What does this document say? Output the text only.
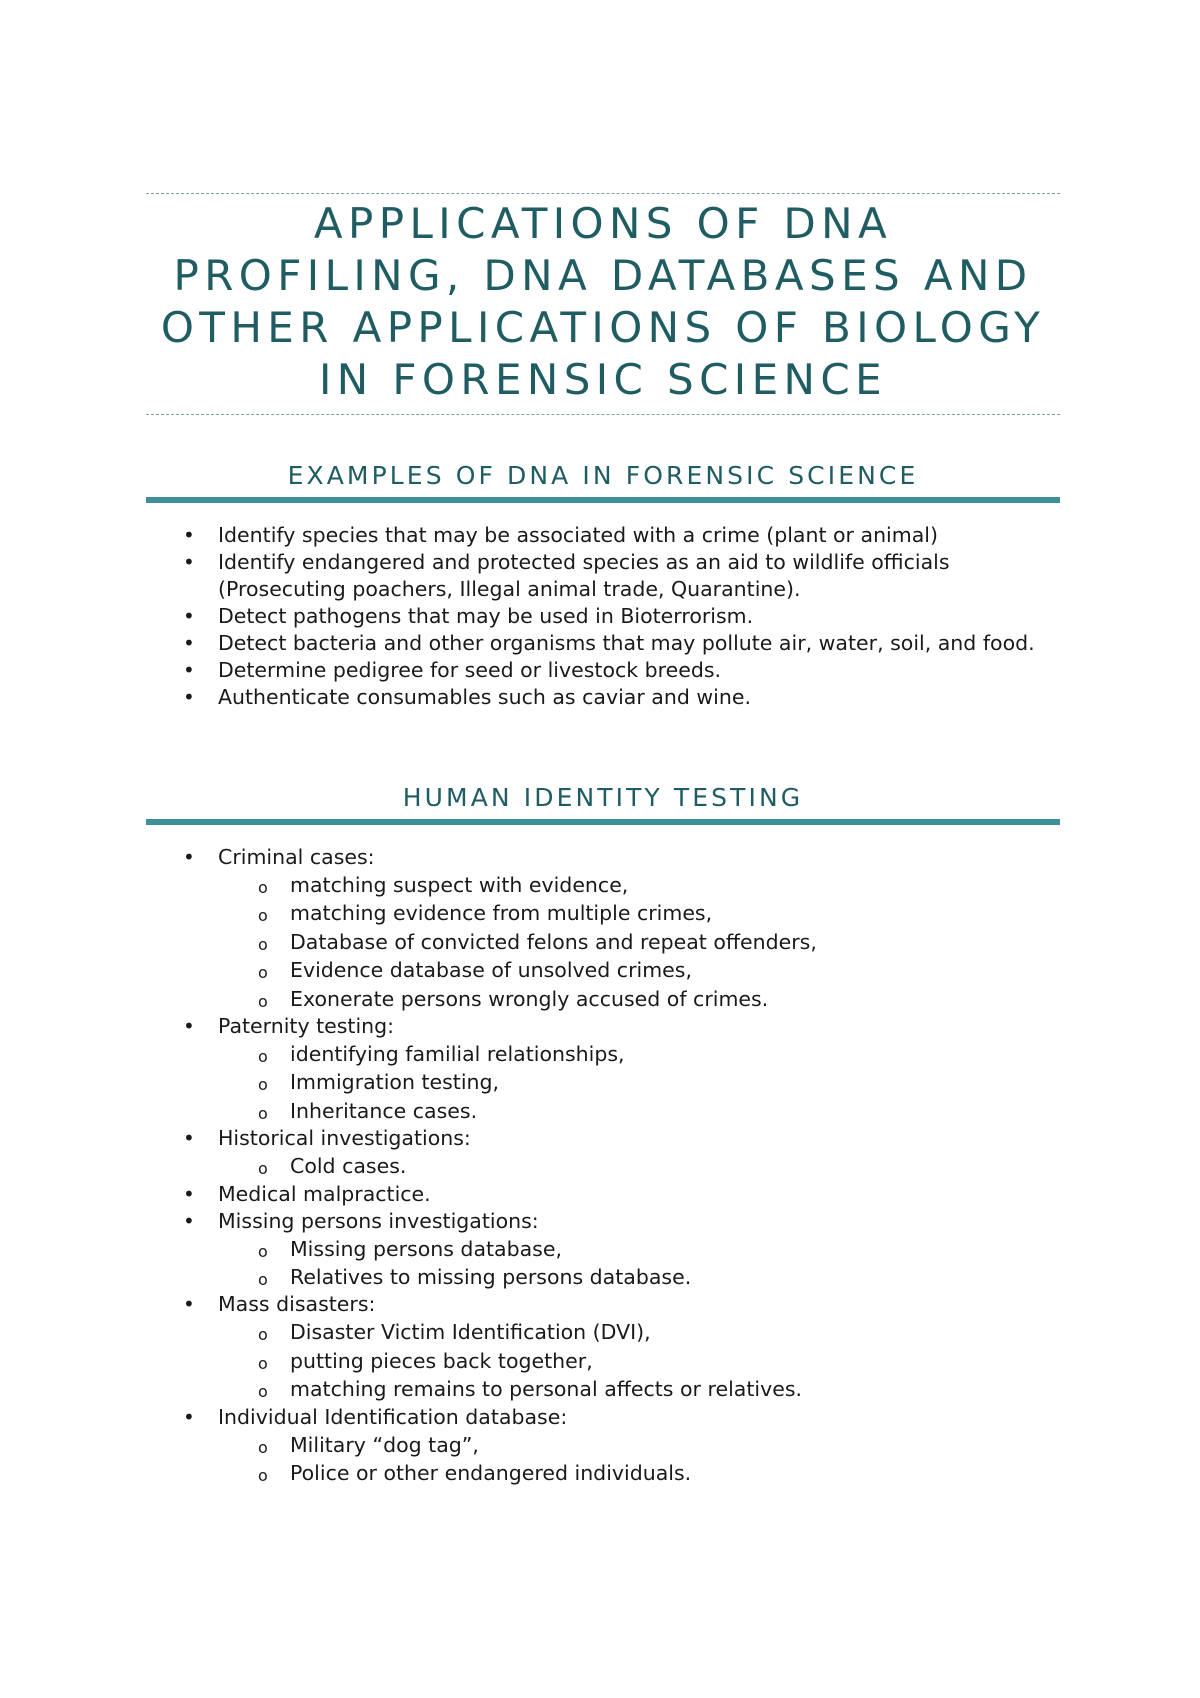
APPLICATIONS OF DNA
PROFILING, DNA DATABASES AND
OTHER APPLICATIONS OF BIOLOGY
IN FORENSIC SCIENCE
EXAMPLES OF DNA IN FORENSIC SCIENCE
• Identify species that may be associated with a crime (plant or animal)
• Identify endangered and protected species as an aid to wildlife officials (Prosecuting poachers, Illegal animal trade, Quarantine).
• Detect pathogens that may be used in Bioterrorism.
• Detect bacteria and other organisms that may pollute air, water, soil, and food.
• Determine pedigree for seed or livestock breeds.
• Authenticate consumables such as caviar and wine.
HUMAN IDENTITY TESTING
• Criminal cases:
o matching suspect with evidence,
o matching evidence from multiple crimes,
o Database of convicted felons and repeat offenders,
o Evidence database of unsolved crimes,
o Exonerate persons wrongly accused of crimes.
• Paternity testing:
o identifying familial relationships,
o Immigration testing,
o Inheritance cases.
• Historical investigations:
o Cold cases.
• Medical malpractice.
• Missing persons investigations:
o Missing persons database,
o Relatives to missing persons database.
• Mass disasters:
o Disaster Victim Identification (DVI),
o putting pieces back together,
o matching remains to personal affects or relatives.
• Individual Identification database:
o Military “dog tag”,
o Police or other endangered individuals.
